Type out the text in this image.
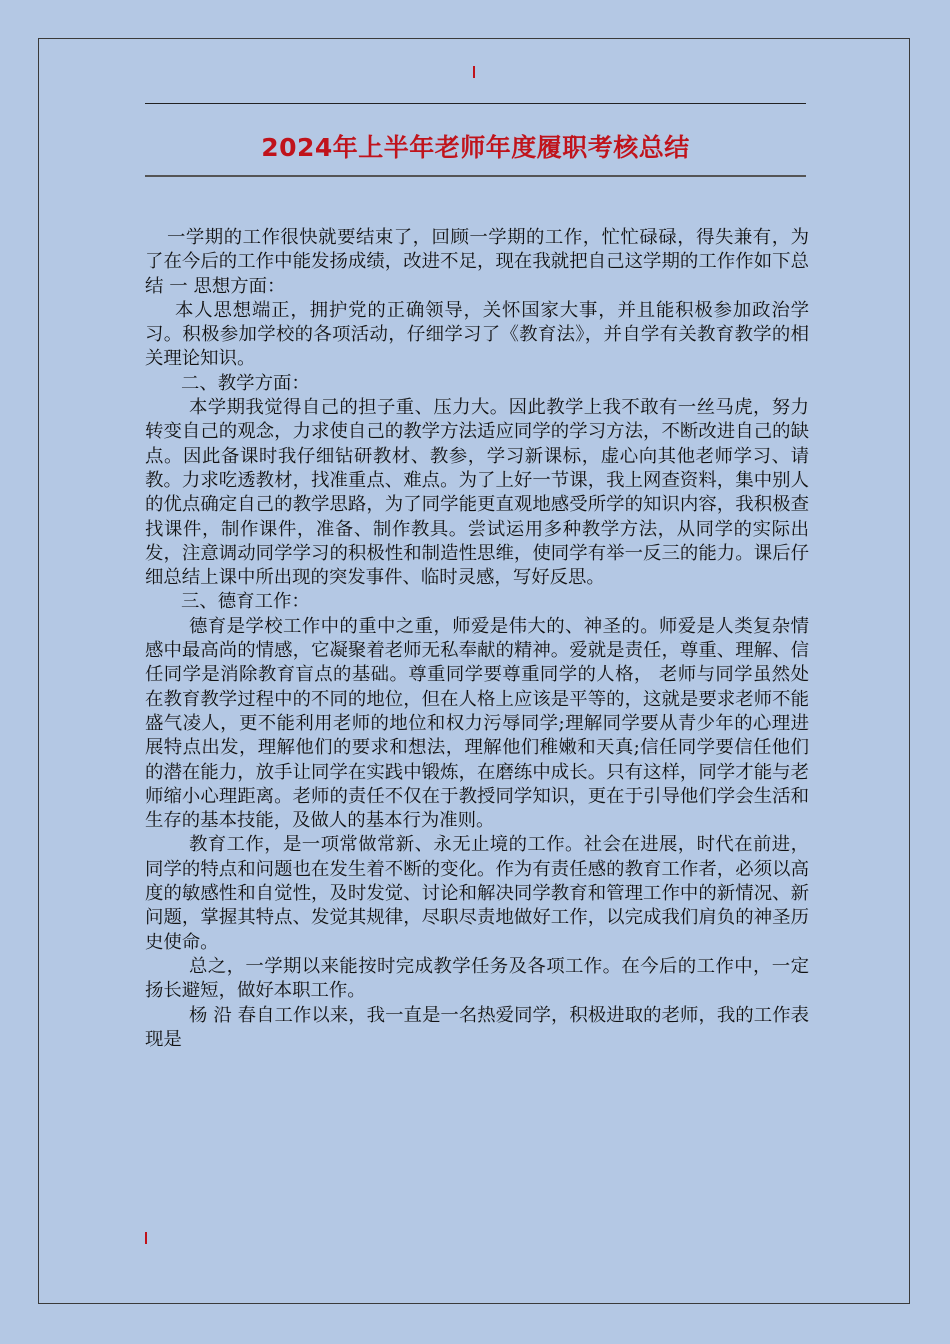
2024年上半年老师年度履职考核总结

一学期的工作很快就要结束了，回顾一学期的工作，忙忙碌碌，得失兼有，为了在今后的工作中能发扬成绩，改进不足，现在我就把自己这学期的工作作如下总结 一 思想方面：

本人思想端正，拥护党的正确领导，关怀国家大事，并且能积极参加政治学习。积极参加学校的各项活动，仔细学习了《教育法》，并自学有关教育教学的相关理论知识。

二、教学方面：

本学期我觉得自己的担子重、压力大。因此教学上我不敢有一丝马虎，努力转变自己的观念，力求使自己的教学方法适应同学的学习方法，不断改进自己的缺点。因此备课时我仔细钻研教材、教参，学习新课标，虚心向其他老师学习、请教。力求吃透教材，找准重点、难点。为了上好一节课，我上网查资料，集中别人的优点确定自己的教学思路，为了同学能更直观地感受所学的知识内容，我积极查找课件，制作课件，准备、制作教具。尝试运用多种教学方法，从同学的实际出发，注意调动同学学习的积极性和制造性思维，使同学有举一反三的能力。课后仔细总结上课中所出现的突发事件、临时灵感，写好反思。

三、德育工作：

德育是学校工作中的重中之重，师爱是伟大的、神圣的。师爱是人类复杂情感中最高尚的情感，它凝聚着老师无私奉献的精神。爱就是责任，尊重、理解、信任同学是消除教育盲点的基础。尊重同学要尊重同学的人格， 老师与同学虽然处在教育教学过程中的不同的地位，但在人格上应该是平等的，这就是要求老师不能盛气凌人，更不能利用老师的地位和权力污辱同学;理解同学要从青少年的心理进展特点出发，理解他们的要求和想法，理解他们稚嫩和天真;信任同学要信任他们的潜在能力，放手让同学在实践中锻炼，在磨练中成长。只有这样，同学才能与老师缩小心理距离。老师的责任不仅在于教授同学知识，更在于引导他们学会生活和生存的基本技能，及做人的基本行为准则。

教育工作，是一项常做常新、永无止境的工作。社会在进展，时代在前进，同学的特点和问题也在发生着不断的变化。作为有责任感的教育工作者，必须以高度的敏感性和自觉性，及时发觉、讨论和解决同学教育和管理工作中的新情况、新问题，掌握其特点、发觉其规律，尽职尽责地做好工作，以完成我们肩负的神圣历史使命。

总之，一学期以来能按时完成教学任务及各项工作。在今后的工作中，一定扬长避短，做好本职工作。

杨 沿 春自工作以来，我一直是一名热爱同学，积极进取的老师，我的工作表现是
